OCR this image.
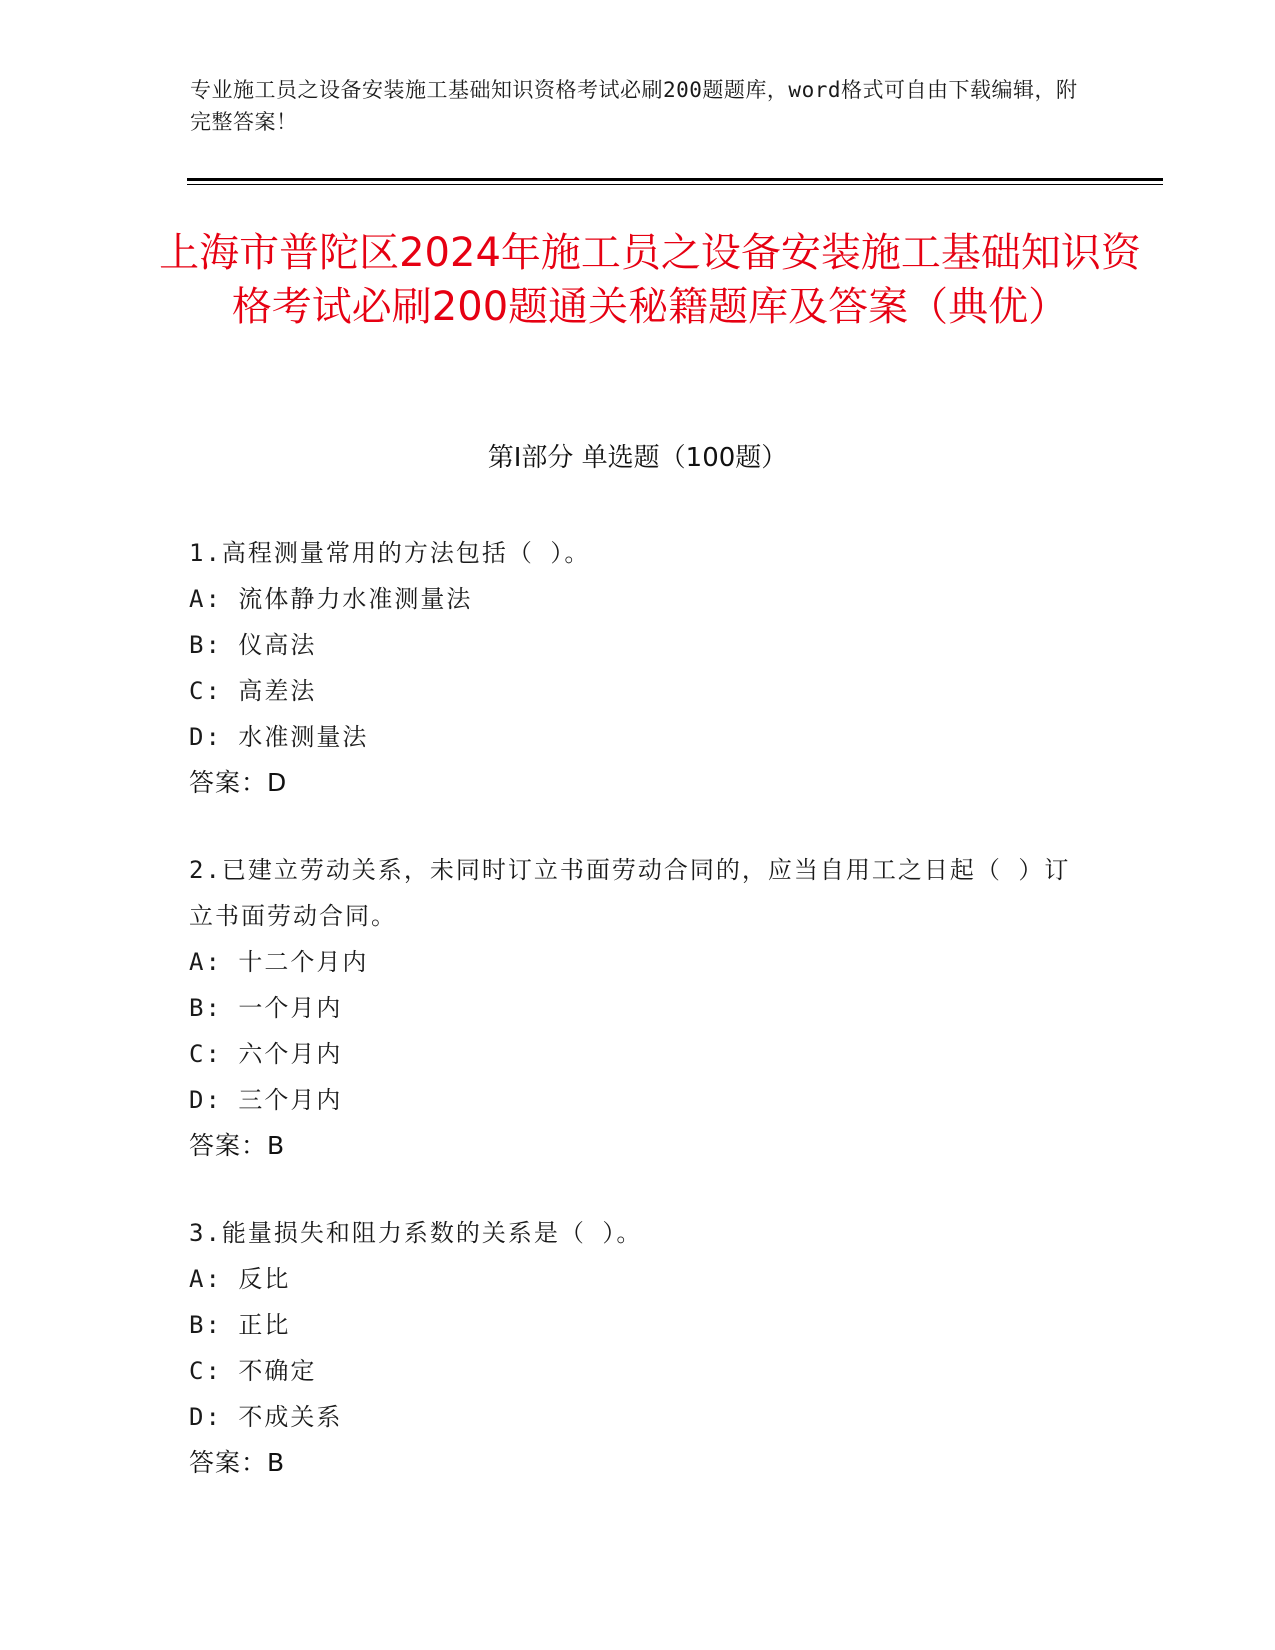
专业施工员之设备安装施工基础知识资格考试必刷200题题库，word格式可自由下载编辑，附完整答案！
上海市普陀区2024年施工员之设备安装施工基础知识资格考试必刷200题通关秘籍题库及答案（典优）
第Ⅰ部分 单选题（100题）
1.高程测量常用的方法包括（ ）。
A: 流体静力水准测量法
B: 仪高法
C: 高差法
D: 水准测量法
答案：D
2.已建立劳动关系，未同时订立书面劳动合同的，应当自用工之日起（ ）订立书面劳动合同。
A: 十二个月内
B: 一个月内
C: 六个月内
D: 三个月内
答案：B
3.能量损失和阻力系数的关系是（ ）。
A: 反比
B: 正比
C: 不确定
D: 不成关系
答案：B
